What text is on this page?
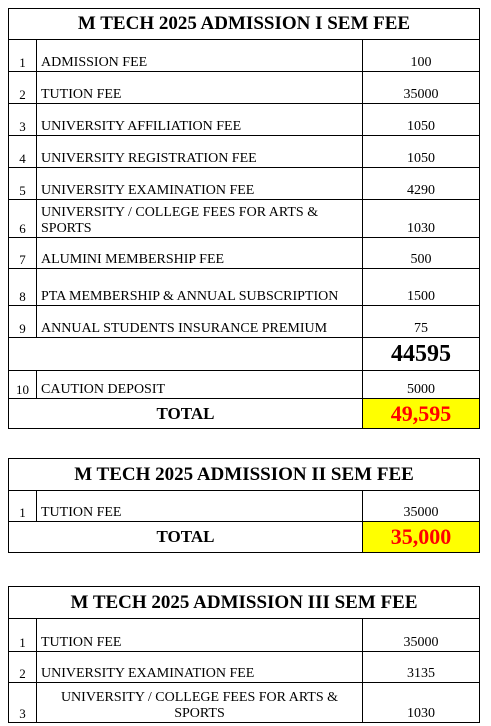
M TECH 2025 ADMISSION I SEM FEE		
1	ADMISSION FEE	100
2	TUTION FEE	35000
3	UNIVERSITY AFFILIATION FEE	1050
4	UNIVERSITY REGISTRATION FEE	1050
5	UNIVERSITY EXAMINATION FEE	4290
6	UNIVERSITY / COLLEGE FEES FOR ARTS & SPORTS	1030
7	ALUMINI MEMBERSHIP FEE	500
8	PTA MEMBERSHIP & ANNUAL SUBSCRIPTION	1500
9	ANNUAL STUDENTS INSURANCE PREMIUM	75
		44595
10	CAUTION DEPOSIT	5000
TOTAL		49,595
M TECH 2025 ADMISSION II SEM FEE		
1	TUTION FEE	35000
TOTAL		35,000
M TECH 2025 ADMISSION III SEM FEE		
1	TUTION FEE	35000
2	UNIVERSITY EXAMINATION FEE	3135
3	UNIVERSITY / COLLEGE FEES FOR ARTS & SPORTS	1030
